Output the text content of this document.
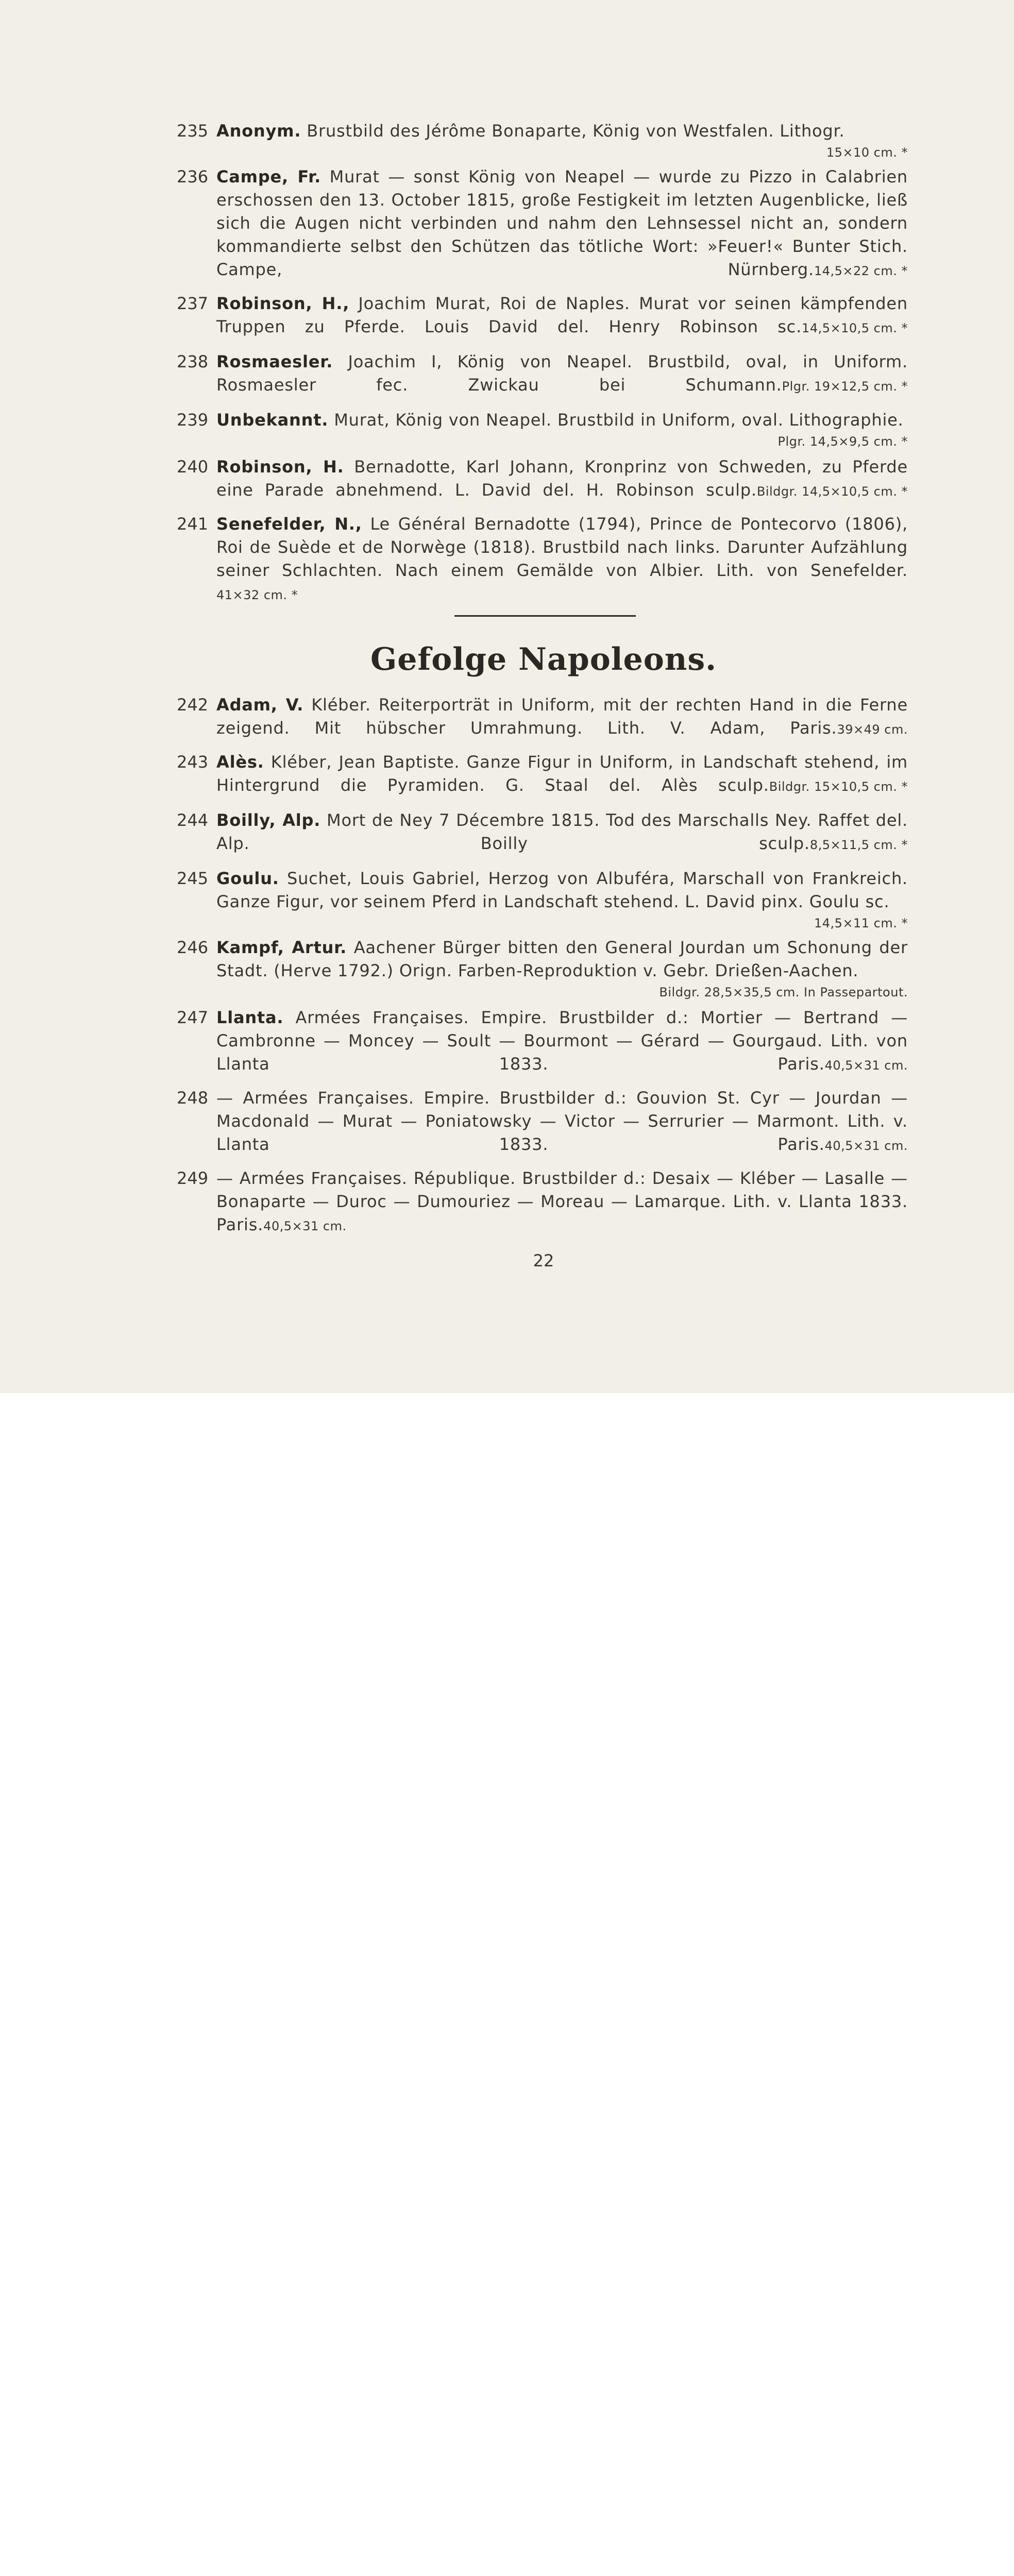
235 Anonym. Brustbild des Jérôme Bonaparte, König von Westfalen. Lithogr.
15×10 cm. *
236 Campe, Fr. Murat — sonst König von Neapel — wurde zu Pizzo in Calabrien erschossen den 13. October 1815, große Festigkeit im letzten Augenblicke, ließ sich die Augen nicht verbinden und nahm den Lehnsessel nicht an, sondern kommandierte selbst den Schützen das tötliche Wort: »Feuer!« Bunter Stich. Campe, Nürnberg.14,5×22 cm. *
237 Robinson, H., Joachim Murat, Roi de Naples. Murat vor seinen kämpfenden Truppen zu Pferde. Louis David del. Henry Robinson sc.14,5×10,5 cm. *
238 Rosmaesler. Joachim I, König von Neapel. Brustbild, oval, in Uniform. Rosmaesler fec. Zwickau bei Schumann.Plgr. 19×12,5 cm. *
239 Unbekannt. Murat, König von Neapel. Brustbild in Uniform, oval. Lithographie.
Plgr. 14,5×9,5 cm. *
240 Robinson, H. Bernadotte, Karl Johann, Kronprinz von Schweden, zu Pferde eine Parade abnehmend. L. David del. H. Robinson sculp.Bildgr. 14,5×10,5 cm. *
241 Senefelder, N., Le Général Bernadotte (1794), Prince de Pontecorvo (1806), Roi de Suède et de Norwège (1818). Brustbild nach links. Darunter Aufzählung seiner Schlachten. Nach einem Gemälde von Albier. Lith. von Senefelder.41×32 cm. *
Gefolge Napoleons.
242 Adam, V. Kléber. Reiterporträt in Uniform, mit der rechten Hand in die Ferne zeigend. Mit hübscher Umrahmung. Lith. V. Adam, Paris.39×49 cm.
243 Alès. Kléber, Jean Baptiste. Ganze Figur in Uniform, in Landschaft stehend, im Hintergrund die Pyramiden. G. Staal del. Alès sculp.Bildgr. 15×10,5 cm. *
244 Boilly, Alp. Mort de Ney 7 Décembre 1815. Tod des Marschalls Ney. Raffet del. Alp. Boilly sculp.8,5×11,5 cm. *
245 Goulu. Suchet, Louis Gabriel, Herzog von Albuféra, Marschall von Frankreich. Ganze Figur, vor seinem Pferd in Landschaft stehend. L. David pinx. Goulu sc.
14,5×11 cm. *
246 Kampf, Artur. Aachener Bürger bitten den General Jourdan um Schonung der Stadt. (Herve 1792.) Orign. Farben-Reproduktion v. Gebr. Drießen-Aachen.
Bildgr. 28,5×35,5 cm. In Passepartout.
247 Llanta. Armées Françaises. Empire. Brustbilder d.: Mortier — Bertrand — Cambronne — Moncey — Soult — Bourmont — Gérard — Gourgaud. Lith. von Llanta 1833. Paris.40,5×31 cm.
248 — Armées Françaises. Empire. Brustbilder d.: Gouvion St. Cyr — Jourdan — Macdonald — Murat — Poniatowsky — Victor — Serrurier — Marmont. Lith. v. Llanta 1833. Paris.40,5×31 cm.
249 — Armées Françaises. République. Brustbilder d.: Desaix — Kléber — Lasalle — Bonaparte — Duroc — Dumouriez — Moreau — Lamarque. Lith. v. Llanta 1833. Paris.40,5×31 cm.
22
